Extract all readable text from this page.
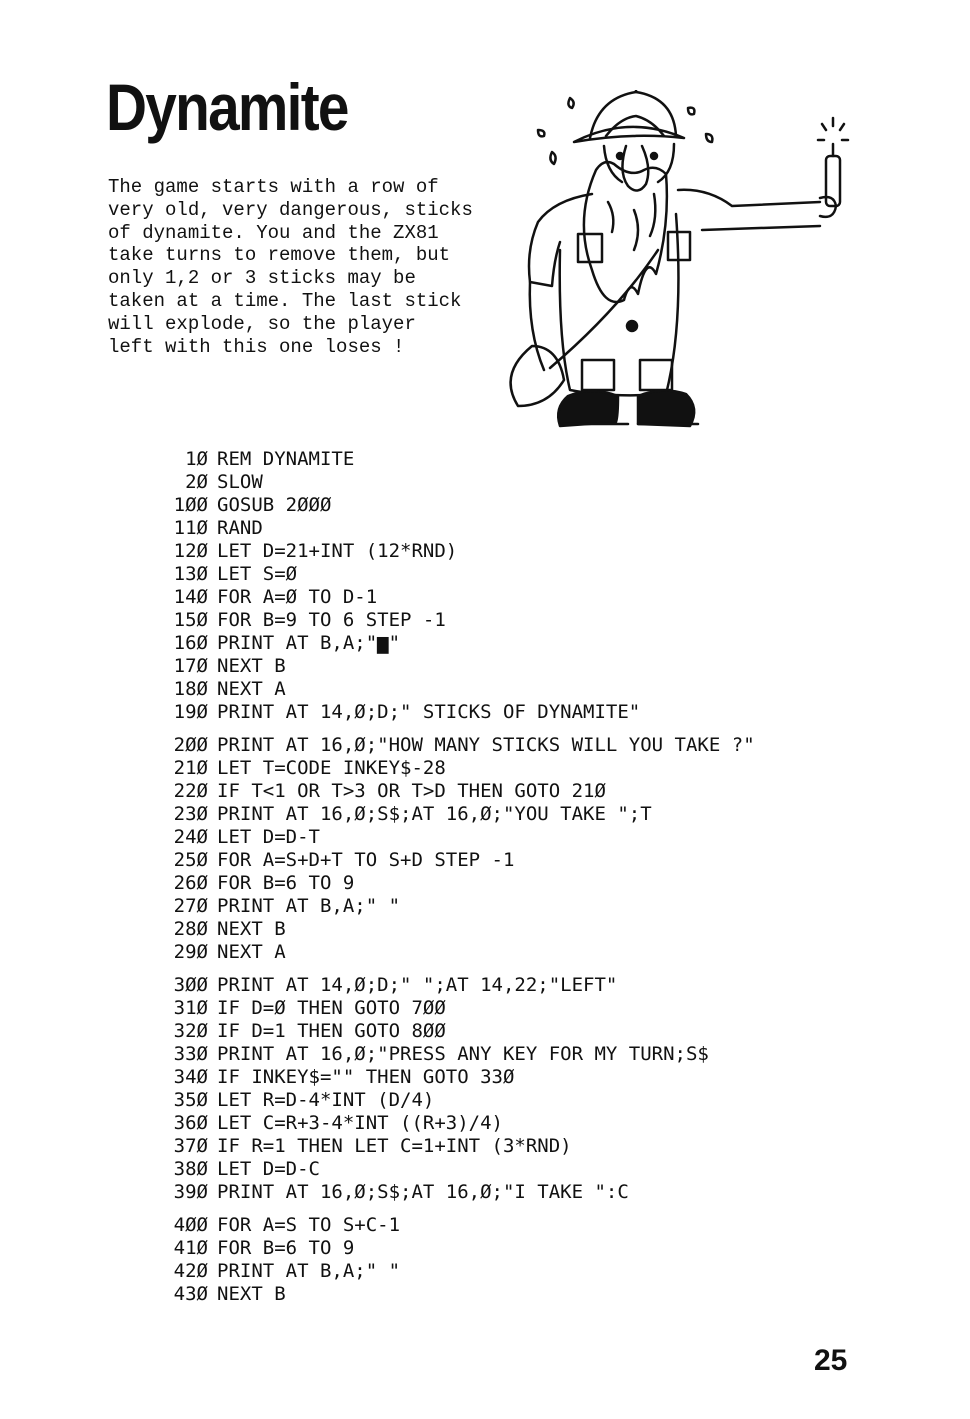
Dynamite
The game starts with a row of
very old, very dangerous, sticks
of dynamite. You and the ZX81
take turns to remove them, but
only 1,2 or 3 sticks may be
taken at a time. The last stick
will explode, so the player
left with this one loses !
1Ø REM DYNAMITE
2Ø SLOW
1ØØ GOSUB 2ØØØ
11Ø RAND
12Ø LET D=21+INT (12*RND)
13Ø LET S=Ø
14Ø FOR A=Ø TO D-1
15Ø FOR B=9 TO 6 STEP -1
16Ø PRINT AT B,A;"▆"
17Ø NEXT B
18Ø NEXT A
19Ø PRINT AT 14,Ø;D;" STICKS OF DYNAMITE"
2ØØ PRINT AT 16,Ø;"HOW MANY STICKS WILL YOU TAKE ?"
21Ø LET T=CODE INKEY$-28
22Ø IF T<1 OR T>3 OR T>D THEN GOTO 21Ø
23Ø PRINT AT 16,Ø;S$;AT 16,Ø;"YOU TAKE ";T
24Ø LET D=D-T
25Ø FOR A=S+D+T TO S+D STEP -1
26Ø FOR B=6 TO 9
27Ø PRINT AT B,A;" "
28Ø NEXT B
29Ø NEXT A
3ØØ PRINT AT 14,Ø;D;" ";AT 14,22;"LEFT"
31Ø IF D=Ø THEN GOTO 7ØØ
32Ø IF D=1 THEN GOTO 8ØØ
33Ø PRINT AT 16,Ø;"PRESS ANY KEY FOR MY TURN;S$
34Ø IF INKEY$="" THEN GOTO 33Ø
35Ø LET R=D-4*INT (D/4)
36Ø LET C=R+3-4*INT ((R+3)/4)
37Ø IF R=1 THEN LET C=1+INT (3*RND)
38Ø LET D=D-C
39Ø PRINT AT 16,Ø;S$;AT 16,Ø;"I TAKE ":C
4ØØ FOR A=S TO S+C-1
41Ø FOR B=6 TO 9
42Ø PRINT AT B,A;" "
43Ø NEXT B
25
